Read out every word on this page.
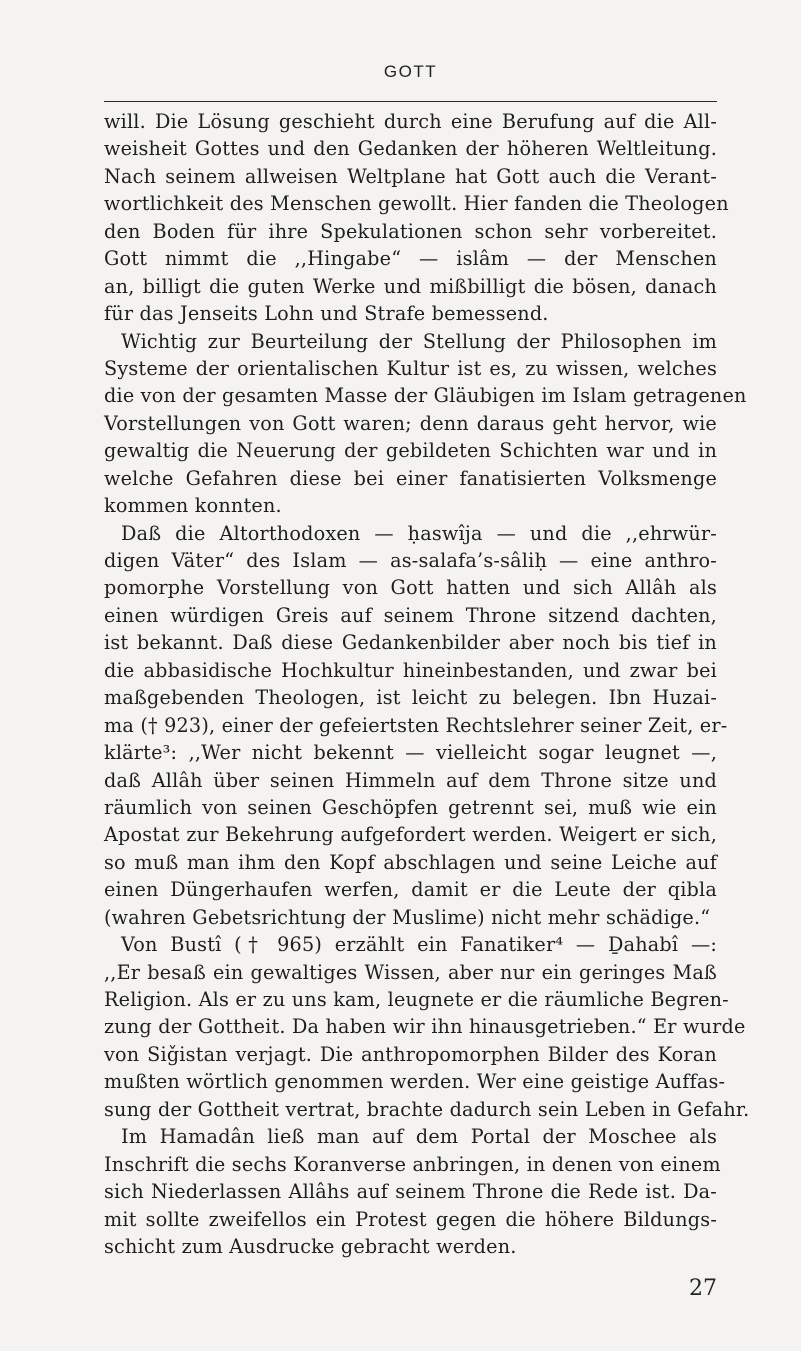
GOTT
will. Die Lösung geschieht durch eine Berufung auf die All-
weisheit Gottes und den Gedanken der höheren Weltleitung.
Nach seinem allweisen Weltplane hat Gott auch die Verant-
wortlichkeit des Menschen gewollt. Hier fanden die Theologen
den Boden für ihre Spekulationen schon sehr vorbereitet.
Gott nimmt die ,,Hingabe“ — islâm — der Menschen
an, billigt die guten Werke und mißbilligt die bösen, danach
für das Jenseits Lohn und Strafe bemessend.
Wichtig zur Beurteilung der Stellung der Philosophen im
Systeme der orientalischen Kultur ist es, zu wissen, welches
die von der gesamten Masse der Gläubigen im Islam getragenen
Vorstellungen von Gott waren; denn daraus geht hervor, wie
gewaltig die Neuerung der gebildeten Schichten war und in
welche Gefahren diese bei einer fanatisierten Volksmenge
kommen konnten.
Daß die Altorthodoxen — ḥaswîja — und die ,,ehrwür-
digen Väter“ des Islam — as-salafa’s-sâliḥ — eine anthro-
pomorphe Vorstellung von Gott hatten und sich Allâh als
einen würdigen Greis auf seinem Throne sitzend dachten,
ist bekannt. Daß diese Gedankenbilder aber noch bis tief in
die abbasidische Hochkultur hineinbestanden, und zwar bei
maßgebenden Theologen, ist leicht zu belegen. Ibn Huzai-
ma († 923), einer der gefeiertsten Rechtslehrer seiner Zeit, er-
klärte³: ,,Wer nicht bekennt — vielleicht sogar leugnet —,
daß Allâh über seinen Himmeln auf dem Throne sitze und
räumlich von seinen Geschöpfen getrennt sei, muß wie ein
Apostat zur Bekehrung aufgefordert werden. Weigert er sich,
so muß man ihm den Kopf abschlagen und seine Leiche auf
einen Düngerhaufen werfen, damit er die Leute der qibla
(wahren Gebetsrichtung der Muslime) nicht mehr schädige.“
Von Bustî († 965) erzählt ein Fanatiker⁴ — Ḏahabî —:
,,Er besaß ein gewaltiges Wissen, aber nur ein geringes Maß
Religion. Als er zu uns kam, leugnete er die räumliche Begren-
zung der Gottheit. Da haben wir ihn hinausgetrieben.“ Er wurde
von Siǧistan verjagt. Die anthropomorphen Bilder des Koran
mußten wörtlich genommen werden. Wer eine geistige Auffas-
sung der Gottheit vertrat, brachte dadurch sein Leben in Gefahr.
Im Hamadân ließ man auf dem Portal der Moschee als
Inschrift die sechs Koranverse anbringen, in denen von einem
sich Niederlassen Allâhs auf seinem Throne die Rede ist. Da-
mit sollte zweifellos ein Protest gegen die höhere Bildungs-
schicht zum Ausdrucke gebracht werden.
27
